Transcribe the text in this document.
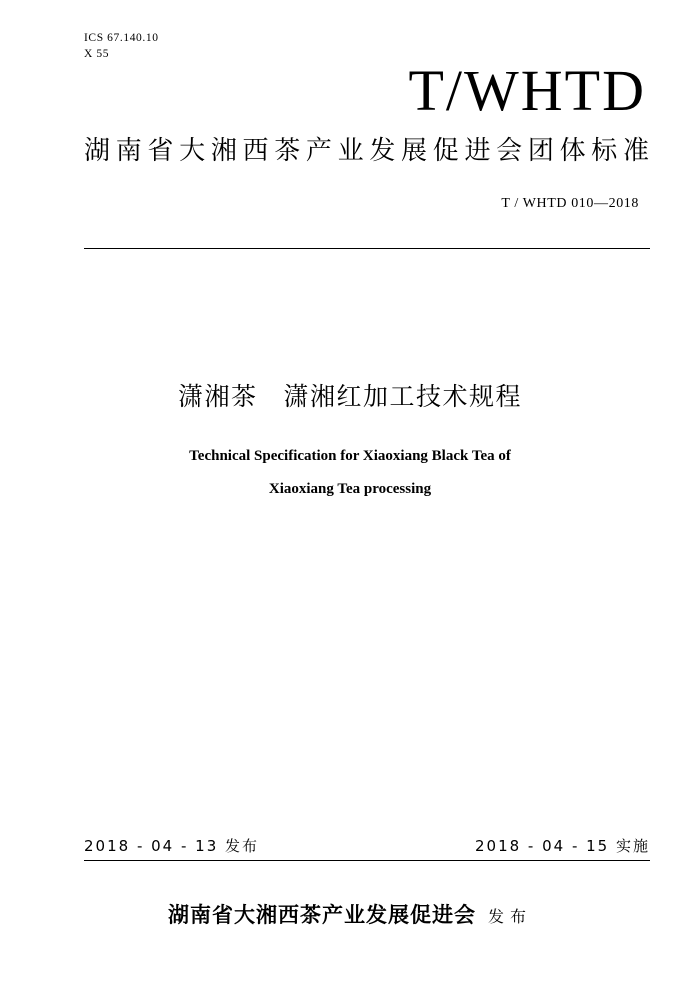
ICS 67.140.10
X 55
T/WHTD
湖南省大湘西茶产业发展促进会团体标准
T / WHTD 010—2018
潇湘茶 潇湘红加工技术规程
Technical Specification for Xiaoxiang Black Tea of
Xiaoxiang Tea processing
2018 - 04 - 13 发布	2018 - 04 - 15 实施
湖南省大湘西茶产业发展促进会 发布
